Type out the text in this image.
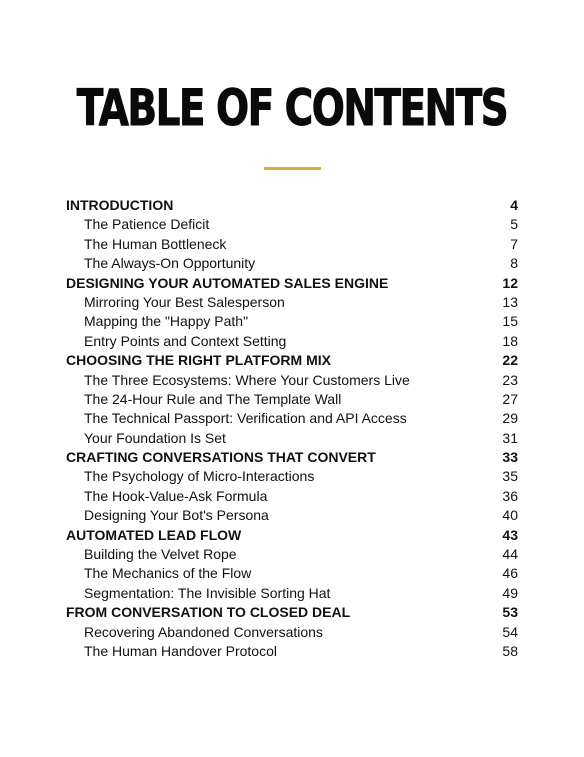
TABLE OF CONTENTS
INTRODUCTION	4
The Patience Deficit	5
The Human Bottleneck	7
The Always-On Opportunity	8
DESIGNING YOUR AUTOMATED SALES ENGINE	12
Mirroring Your Best Salesperson	13
Mapping the "Happy Path"	15
Entry Points and Context Setting	18
CHOOSING THE RIGHT PLATFORM MIX	22
The Three Ecosystems: Where Your Customers Live	23
The 24-Hour Rule and The Template Wall	27
The Technical Passport: Verification and API Access	29
Your Foundation Is Set	31
CRAFTING CONVERSATIONS THAT CONVERT	33
The Psychology of Micro-Interactions	35
The Hook-Value-Ask Formula	36
Designing Your Bot's Persona	40
AUTOMATED LEAD FLOW	43
Building the Velvet Rope	44
The Mechanics of the Flow	46
Segmentation: The Invisible Sorting Hat	49
FROM CONVERSATION TO CLOSED DEAL	53
Recovering Abandoned Conversations	54
The Human Handover Protocol	58
